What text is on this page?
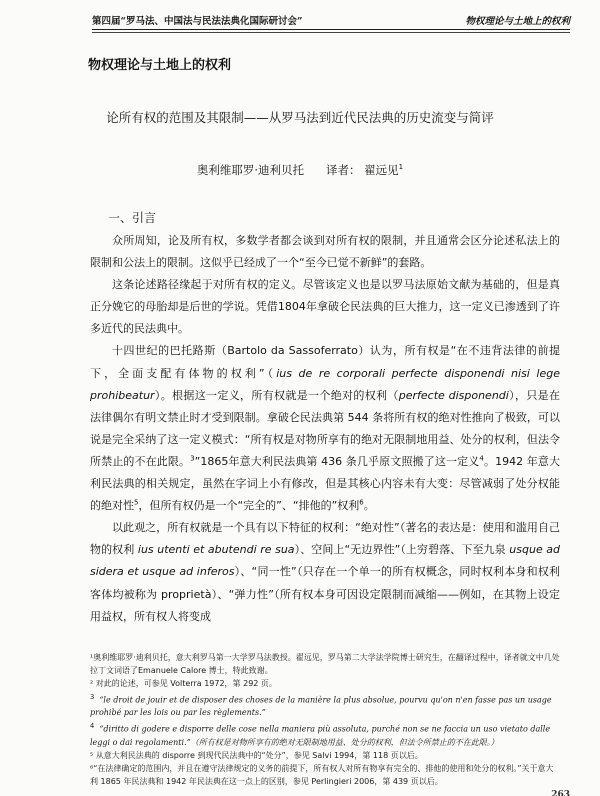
第四届“罗马法、中国法与民法法典化国际研讨会”	物权理论与土地上的权利
物权理论与土地上的权利
论所有权的范围及其限制——从罗马法到近代民法典的历史流变与简评
奥利维耶罗·迪利贝托 译者： 翟远见$^1$
一、引言

众所周知，论及所有权，多数学者都会谈到对所有权的限制，并且通常会区分论述私法上的限制和公法上的限制。这似乎已经成了一个“至今已觉不新鲜”的套路。

这条论述路径缘起于对所有权的定义。尽管该定义也是以罗马法原始文献为基础的，但是真正分娩它的母胎却是后世的学说。凭借1804年拿破仑民法典的巨大推力，这一定义已渗透到了许多近代的民法典中。

十四世纪的巴托路斯（Bartolo da Sassoferrato）认为，所有权是“在不违背法律的前提下，全面支配有体物的权利”（ius de re corporali perfecte disponendi nisi lege prohibeatur）。根据这一定义，所有权就是一个绝对的权利（perfecte disponendi），只是在法律偶尔有明文禁止时才受到限制。拿破仑民法典第 544 条将所有权的绝对性推向了极致，可以说是完全采纳了这一定义模式：“所有权是对物所享有的绝对无限制地用益、处分的权利，但法令所禁止的不在此限。$^3$”1865年意大利民法典第 436 条几乎原文照搬了这一定义$^4$。1942 年意大利民法典的相关规定，虽然在字词上小有修改，但是其核心内容未有大变：尽管减弱了处分权能的绝对性$^5$，但所有权仍是一个“完全的”、“排他的”权利$^6$。

以此观之，所有权就是一个具有以下特征的权利：“绝对性”（著名的表达是：使用和滥用自己物的权利 ius utenti et abutendi re sua）、空间上“无边界性”（上穷碧落、下至九泉 usque ad sidera et usque ad inferos）、“同一性”（只存在一个单一的所有权概念，同时权利本身和权利客体均被称为 proprietà）、“弹力性”（所有权本身可因设定限制而减缩——例如，在其物上设定用益权，所有权人将变成

¹奥利维耶罗·迪利贝托，意大利罗马第一大学罗马法教授。翟远见，罗马第二大学法学院博士研究生，在翻译过程中，译者就文中几处拉丁文词语了Emanuele Calore 博士，特此致谢。
² 对此的论述，可参见 Volterra 1972，第 292 页。
$^3$ “le droit de jouir et de disposer des choses de la manière la plus absolue, pourvu qu'on n'en fasse pas un usage prohibé par les lois ou par les règlements.”
$^4$ “diritto di godere e disporre delle cose nella maniera più assoluta, purché non se ne faccia un uso vietato dalle leggi o dai regolamenti.”（所有权是对物所享有的绝对无限制地用益、处分的权利，但法令所禁止的不在此限。）
⁵ 从意大利民法典的 disporre 到现代民法典中的“处分”，参见 Salvi 1994，第 118 页以后。
⁶“在法律确定的范围内，并且在遵守法律规定的义务的前提下，所有权人对所有物享有完全的、排他的使用和处分的权利。”关于意大利 1865 年民法典和 1942 年民法典在这一点上的区别，参见 Perlingieri 2006，第 439 页以后。
263
